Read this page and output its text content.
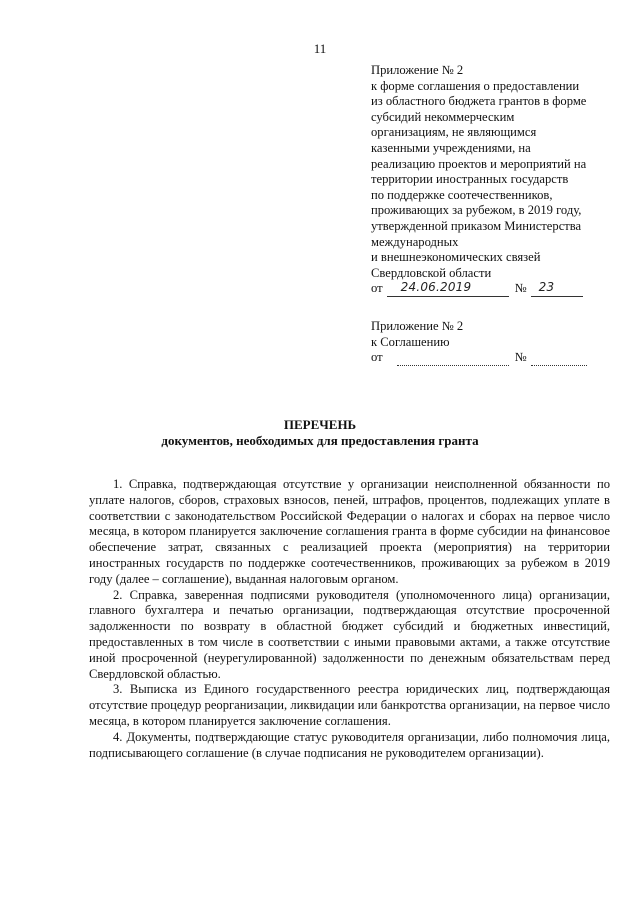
11
Приложение № 2
к форме соглашения о предоставлении
из областного бюджета грантов в форме
субсидий некоммерческим
организациям, не являющимся
казенными учреждениями, на
реализацию проектов и мероприятий на
территории иностранных государств
по поддержке соотечественников,
проживающих за рубежом, в 2019 году,
утвержденной приказом Министерства
международных
и внешнеэкономических связей
Свердловской области
от 24.06.2019	№ 23
Приложение № 2
к Соглашению
от	№
ПЕРЕЧЕНЬ
документов, необходимых для предоставления гранта

1. Справка, подтверждающая отсутствие у организации неисполненной обязанности по уплате налогов, сборов, страховых взносов, пеней, штрафов, процентов, подлежащих уплате в соответствии с законодательством Российской Федерации о налогах и сборах на первое число месяца, в котором планируется заключение соглашения гранта в форме субсидии на финансовое обеспечение затрат, связанных с реализацией проекта (мероприятия) на территории иностранных государств по поддержке соотечественников, проживающих за рубежом в 2019 году (далее – соглашение), выданная налоговым органом.

2. Справка, заверенная подписями руководителя (уполномоченного лица) организации, главного бухгалтера и печатью организации, подтверждающая отсутствие просроченной задолженности по возврату в областной бюджет субсидий и бюджетных инвестиций, предоставленных в том числе в соответствии с иными правовыми актами, а также отсутствие иной просроченной (неурегулированной) задолженности по денежным обязательствам перед Свердловской областью.

3. Выписка из Единого государственного реестра юридических лиц, подтверждающая отсутствие процедур реорганизации, ликвидации или банкротства организации, на первое число месяца, в котором планируется заключение соглашения.

4. Документы, подтверждающие статус руководителя организации, либо полномочия лица, подписывающего соглашение (в случае подписания не руководителем организации).
